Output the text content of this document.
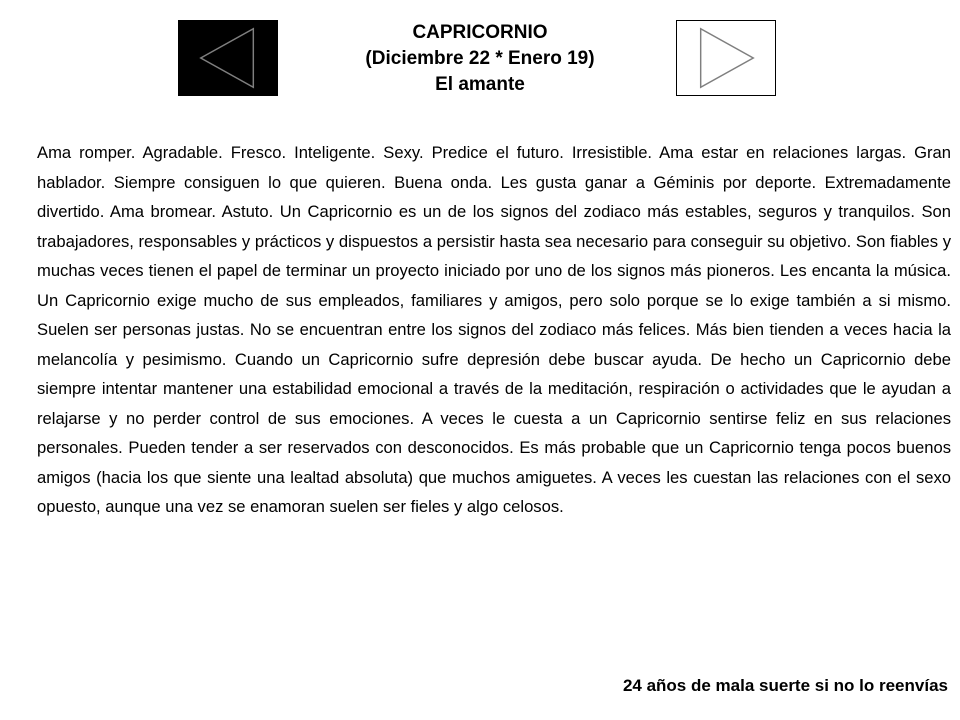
CAPRICORNIO
(Diciembre 22 * Enero 19)
El amante

Ama romper. Agradable. Fresco. Inteligente. Sexy. Predice el futuro. Irresistible. Ama estar en relaciones largas. Gran hablador. Siempre consiguen lo que quieren. Buena onda. Les gusta ganar a Géminis por deporte. Extremadamente divertido. Ama bromear. Astuto. Un Capricornio es un de los signos del zodiaco más estables, seguros y tranquilos. Son trabajadores, responsables y prácticos y dispuestos a persistir hasta sea necesario para conseguir su objetivo. Son fiables y muchas veces tienen el papel de terminar un proyecto iniciado por uno de los signos más pioneros. Les encanta la música. Un Capricornio exige mucho de sus empleados, familiares y amigos, pero solo porque se lo exige también a si mismo. Suelen ser personas justas. No se encuentran entre los signos del zodiaco más felices. Más bien tienden a veces hacia la melancolía y pesimismo. Cuando un Capricornio sufre depresión debe buscar ayuda. De hecho un Capricornio debe siempre intentar mantener una estabilidad emocional a través de la meditación, respiración o actividades que le ayudan a relajarse y no perder control de sus emociones. A veces le cuesta a un Capricornio sentirse feliz en sus relaciones personales. Pueden tender a ser reservados con desconocidos. Es más probable que un Capricornio tenga pocos buenos amigos (hacia los que siente una lealtad absoluta) que muchos amiguetes. A veces les cuestan las relaciones con el sexo opuesto, aunque una vez se enamoran suelen ser fieles y algo celosos.

24 años de mala suerte si no lo reenvías
